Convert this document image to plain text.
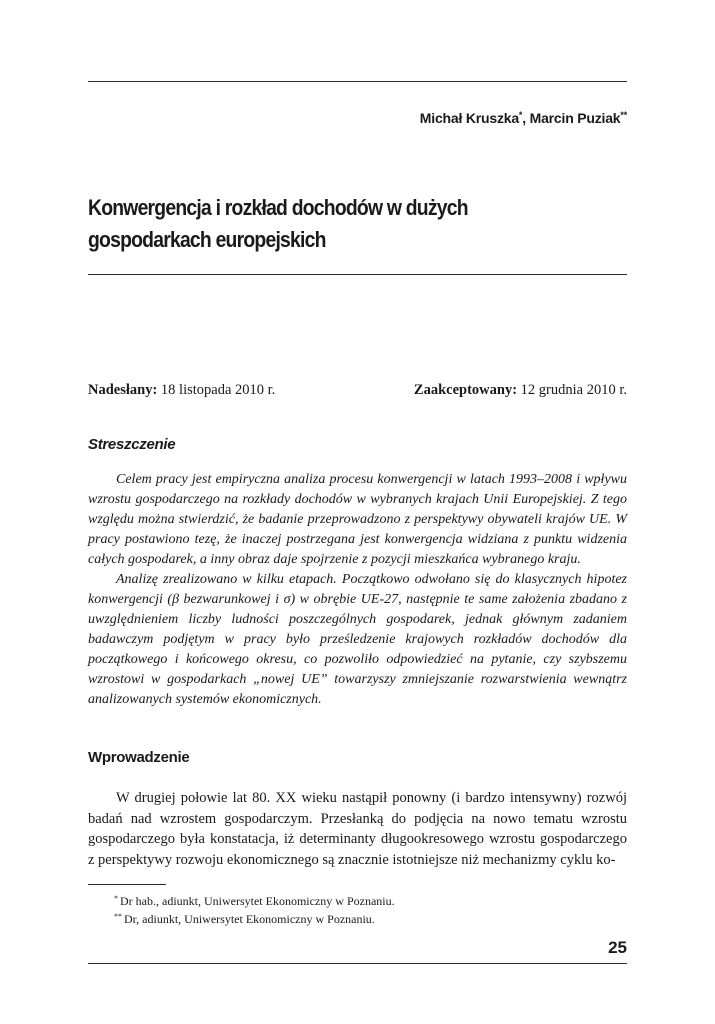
Michał Kruszka*, Marcin Puziak**
Konwergencja i rozkład dochodów w dużych
gospodarkach europejskich
Nadesłany: 18 listopada 2010 r.	Zaakceptowany: 12 grudnia 2010 r.
Streszczenie

Celem pracy jest empiryczna analiza procesu konwergencji w latach 1993–2008 i wpływu wzrostu gospodarczego na rozkłady dochodów w wybranych krajach Unii Europejskiej. Z tego względu można stwierdzić, że badanie przeprowadzono z perspektywy obywateli krajów UE. W pracy postawiono tezę, że inaczej postrzegana jest konwergencja widziana z punktu widzenia całych gospodarek, a inny obraz daje spojrzenie z pozycji mieszkańca wybranego kraju.

Analizę zrealizowano w kilku etapach. Początkowo odwołano się do klasycznych hipotez konwergencji (β bezwarunkowej i σ) w obrębie UE-27, następnie te same założenia zbadano z uwzględnieniem liczby ludności poszczególnych gospodarek, jednak głównym zadaniem badawczym podjętym w pracy było prześledzenie krajowych rozkładów dochodów dla początkowego i końcowego okresu, co pozwoliło odpowiedzieć na pytanie, czy szybszemu wzrostowi w gospodarkach „nowej UE” towarzyszy zmniejszanie rozwarstwienia wewnątrz analizowanych systemów ekonomicznych.

Wprowadzenie

W drugiej połowie lat 80. XX wieku nastąpił ponowny (i bardzo intensywny) rozwój badań nad wzrostem gospodarczym. Przesłanką do podjęcia na nowo tematu wzrostu gospodarczego była konstatacja, iż determinanty długookresowego wzrostu gospodarczego z perspektywy rozwoju ekonomicznego są znacznie istotniejsze niż mechanizmy cyklu ko-

* Dr hab., adiunkt, Uniwersytet Ekonomiczny w Poznaniu.
** Dr, adiunkt, Uniwersytet Ekonomiczny w Poznaniu.
25
